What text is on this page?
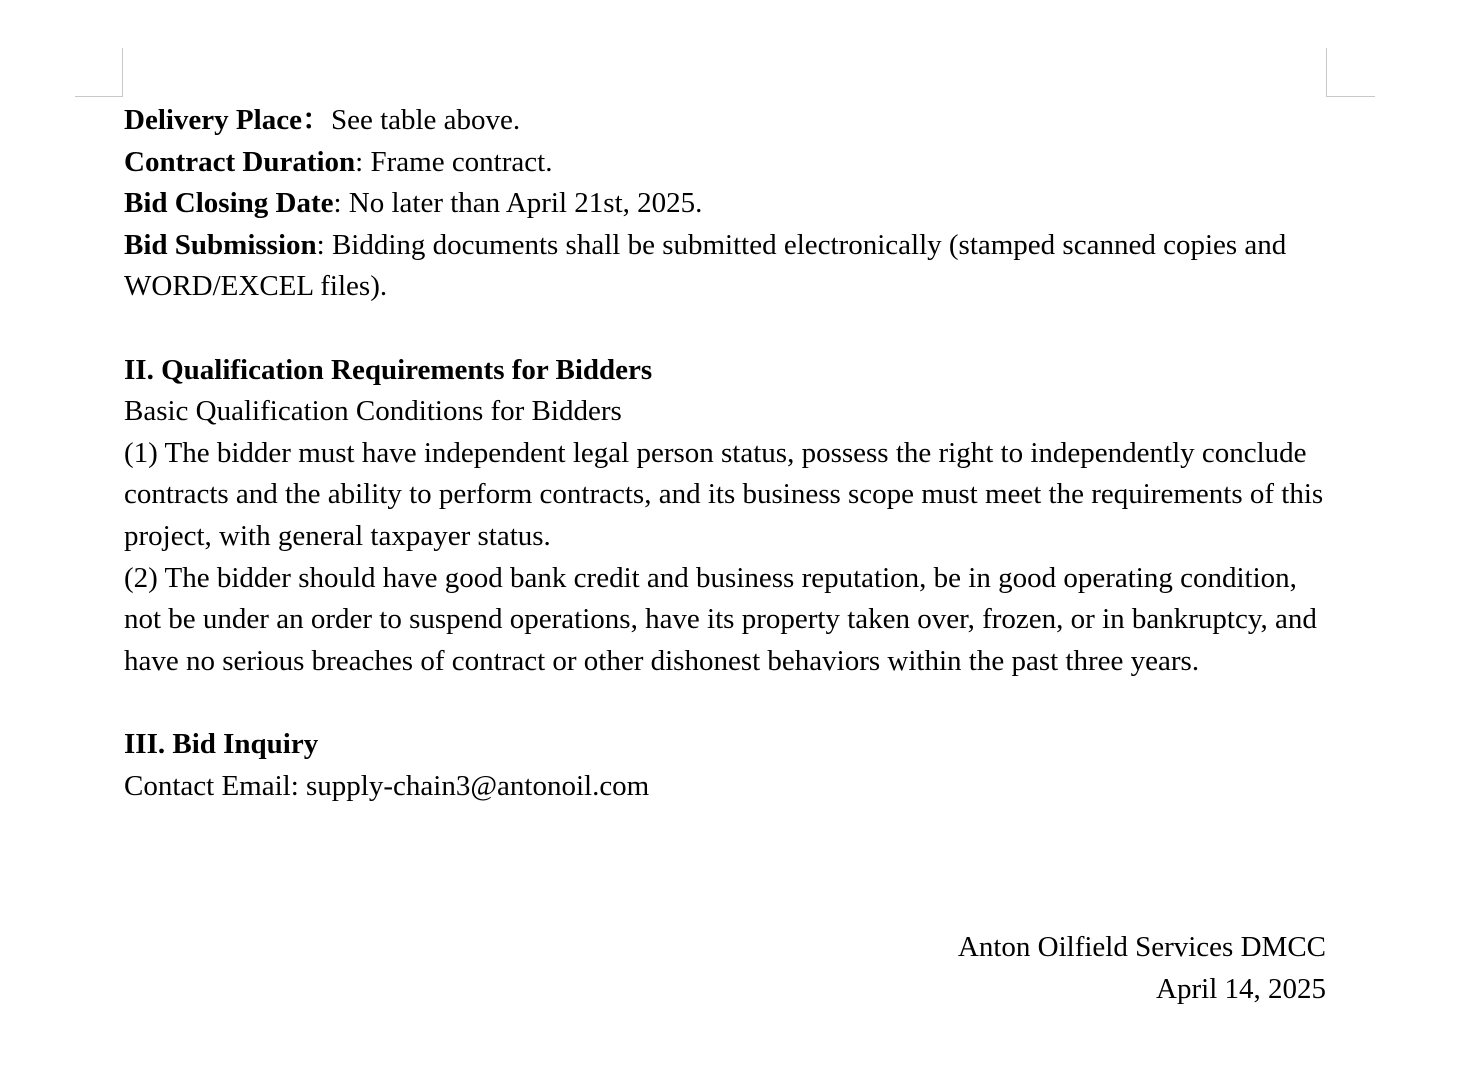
Delivery Place：See table above.

Contract Duration: Frame contract.

Bid Closing Date: No later than April 21st, 2025.

Bid Submission: Bidding documents shall be submitted electronically (stamped scanned copies and WORD/EXCEL files).

II. Qualification Requirements for Bidders

Basic Qualification Conditions for Bidders

(1) The bidder must have independent legal person status, possess the right to independently conclude contracts and the ability to perform contracts, and its business scope must meet the requirements of this project, with general taxpayer status.

(2) The bidder should have good bank credit and business reputation, be in good operating condition, not be under an order to suspend operations, have its property taken over, frozen, or in bankruptcy, and have no serious breaches of contract or other dishonest behaviors within the past three years.

III. Bid Inquiry

Contact Email: supply-chain3@antonoil.com

Anton Oilfield Services DMCC
April 14, 2025
